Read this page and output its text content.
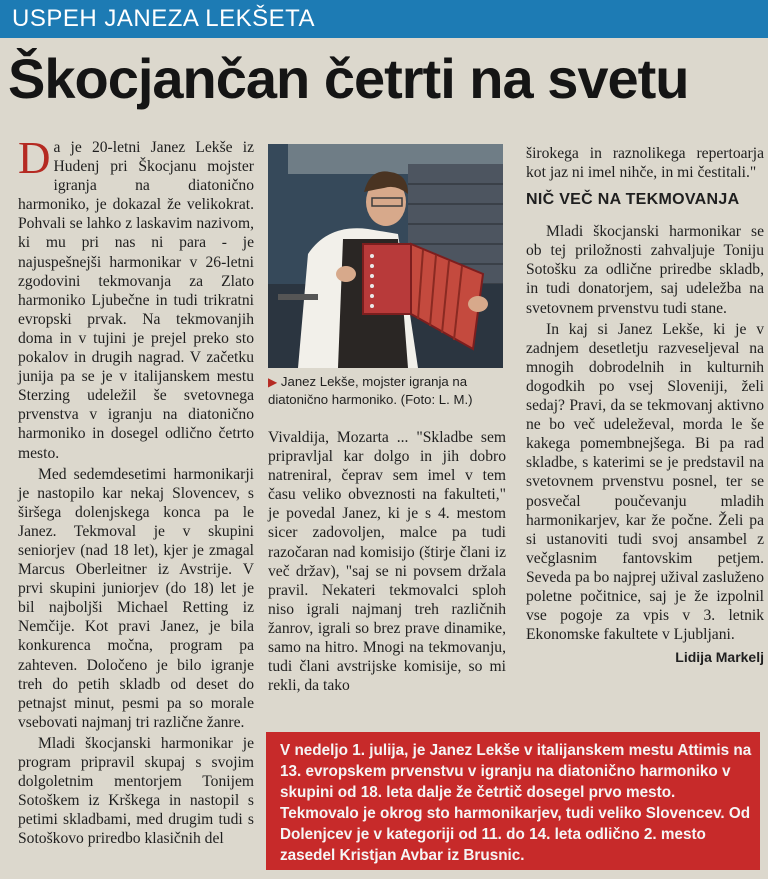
USPEH JANEZA LEKŠETA
Škocjančan četrti na svetu

Da je 20-letni Janez Lekše iz Hudenj pri Škocjanu mojster igranja na diatonično harmoniko, je dokazal že velikokrat. Pohvali se lahko z laskavim nazivom, ki mu pri nas ni para - je najuspešnejši harmonikar v 26-letni zgodovini tekmovanja za Zlato harmoniko Ljubečne in tudi trikratni evropski prvak. Na tekmovanjih doma in v tujini je prejel preko sto pokalov in drugih nagrad. V začetku junija pa se je v italijanskem mestu Sterzing udeležil še svetovnega prvenstva v igranju na diatonično harmoniko in dosegel odlično četrto mesto.

Med sedemdesetimi harmonikarji je nastopilo kar nekaj Slovencev, s širšega dolenjskega konca pa le Janez. Tekmoval je v skupini seniorjev (nad 18 let), kjer je zmagal Marcus Oberleitner iz Avstrije. V prvi skupini juniorjev (do 18) let je bil najboljši Michael Retting iz Nemčije. Kot pravi Janez, je bila konkurenca močna, program pa zahteven. Določeno je bilo igranje treh do petih skladb od deset do petnajst minut, pesmi pa so morale vsebovati najmanj tri različne žanre.

Mladi škocjanski harmonikar je program pripravil skupaj s svojim dolgoletnim mentorjem Tonijem Sotoškem iz Krškega in nastopil s petimi skladbami, med drugim tudi s Sotoškovo priredbo klasičnih del

▶ Janez Lekše, mojster igranja na diatonično harmoniko. (Foto: L. M.)

Vivaldija, Mozarta ... "Skladbe sem pripravljal kar dolgo in jih dobro natreniral, čeprav sem imel v tem času veliko obveznosti na fakulteti," je povedal Janez, ki je s 4. mestom sicer zadovoljen, malce pa tudi razočaran nad komisijo (štirje člani iz več držav), "saj se ni povsem držala pravil. Nekateri tekmovalci sploh niso igrali najmanj treh različnih žanrov, igrali so brez prave dinamike, samo na hitro. Mnogi na tekmovanju, tudi člani avstrijske komisije, so mi rekli, da tako

širokega in raznolikega repertoarja kot jaz ni imel nihče, in mi čestitali."

NIČ VEČ NA TEKMOVANJA

Mladi škocjanski harmonikar se ob tej priložnosti zahvaljuje Toniju Sotošku za odlične priredbe skladb, in tudi donatorjem, saj udeležba na svetovnem prvenstvu tudi stane.

In kaj si Janez Lekše, ki je v zadnjem desetletju razveseljeval na mnogih dobrodelnih in kulturnih dogodkih po vsej Sloveniji, želi sedaj? Pravi, da se tekmovanj aktivno ne bo več udeleževal, morda le še kakega pomembnejšega. Bi pa rad skladbe, s katerimi se je predstavil na svetovnem prvenstvu posnel, ter se posvečal poučevanju mladih harmonikarjev, kar že počne. Želi pa si ustanoviti tudi svoj ansambel z večglasnim fantovskim petjem. Seveda pa bo najprej užival zasluženo poletne počitnice, saj je že izpolnil vse pogoje za vpis v 3. letnik Ekonomske fakultete v Ljubljani.

Lidija Markelj
V nedeljo 1. julija, je Janez Lekše v italijanskem mestu Attimis na 13. evropskem prvenstvu v igranju na diatonično harmoniko v skupini od 18. leta dalje že četrtič dosegel prvo mesto. Tekmovalo je okrog sto harmonikarjev, tudi veliko Slovencev. Od Dolenjcev je v kategoriji od 11. do 14. leta odlično 2. mesto zasedel Kristjan Avbar iz Brusnic.
